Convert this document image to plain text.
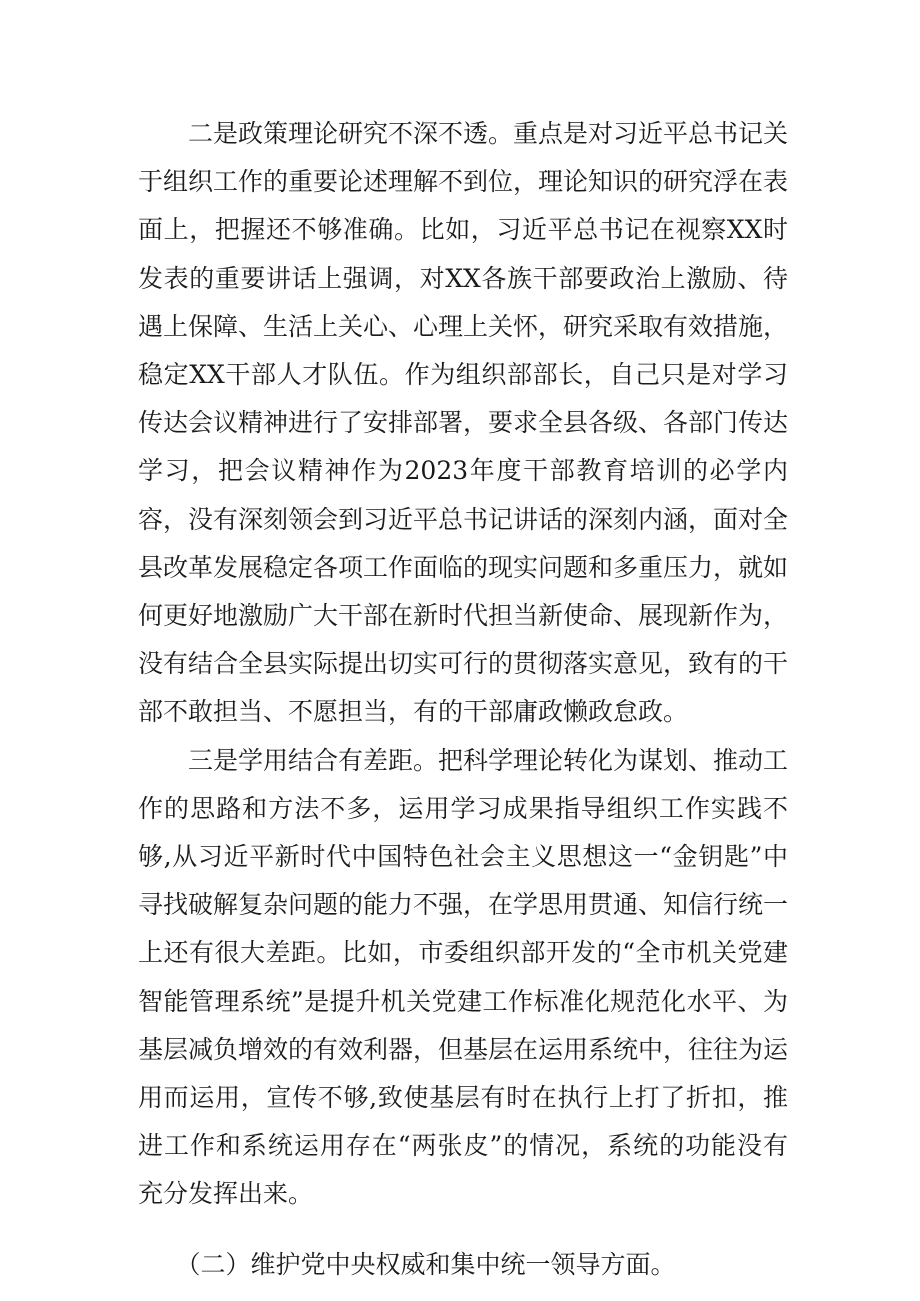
二是政策理论研究不深不透。重点是对习近平总书记关于组织工作的重要论述理解不到位，理论知识的研究浮在表面上，把握还不够准确。比如，习近平总书记在视察XX时发表的重要讲话上强调，对XX各族干部要政治上激励、待遇上保障、生活上关心、心理上关怀，研究采取有效措施，稳定XX干部人才队伍。作为组织部部长，自己只是对学习传达会议精神进行了安排部署，要求全县各级、各部门传达学习，把会议精神作为2023年度干部教育培训的必学内容，没有深刻领会到习近平总书记讲话的深刻内涵，面对全县改革发展稳定各项工作面临的现实问题和多重压力，就如何更好地激励广大干部在新时代担当新使命、展现新作为，没有结合全县实际提出切实可行的贯彻落实意见，致有的干部不敢担当、不愿担当，有的干部庸政懒政怠政。

三是学用结合有差距。把科学理论转化为谋划、推动工作的思路和方法不多，运用学习成果指导组织工作实践不够,从习近平新时代中国特色社会主义思想这一“金钥匙”中寻找破解复杂问题的能力不强，在学思用贯通、知信行统一上还有很大差距。比如，市委组织部开发的“全市机关党建智能管理系统”是提升机关党建工作标准化规范化水平、为基层减负增效的有效利器，但基层在运用系统中，往往为运用而运用，宣传不够,致使基层有时在执行上打了折扣，推进工作和系统运用存在“两张皮”的情况，系统的功能没有充分发挥出来。

（二）维护党中央权威和集中统一领导方面。
